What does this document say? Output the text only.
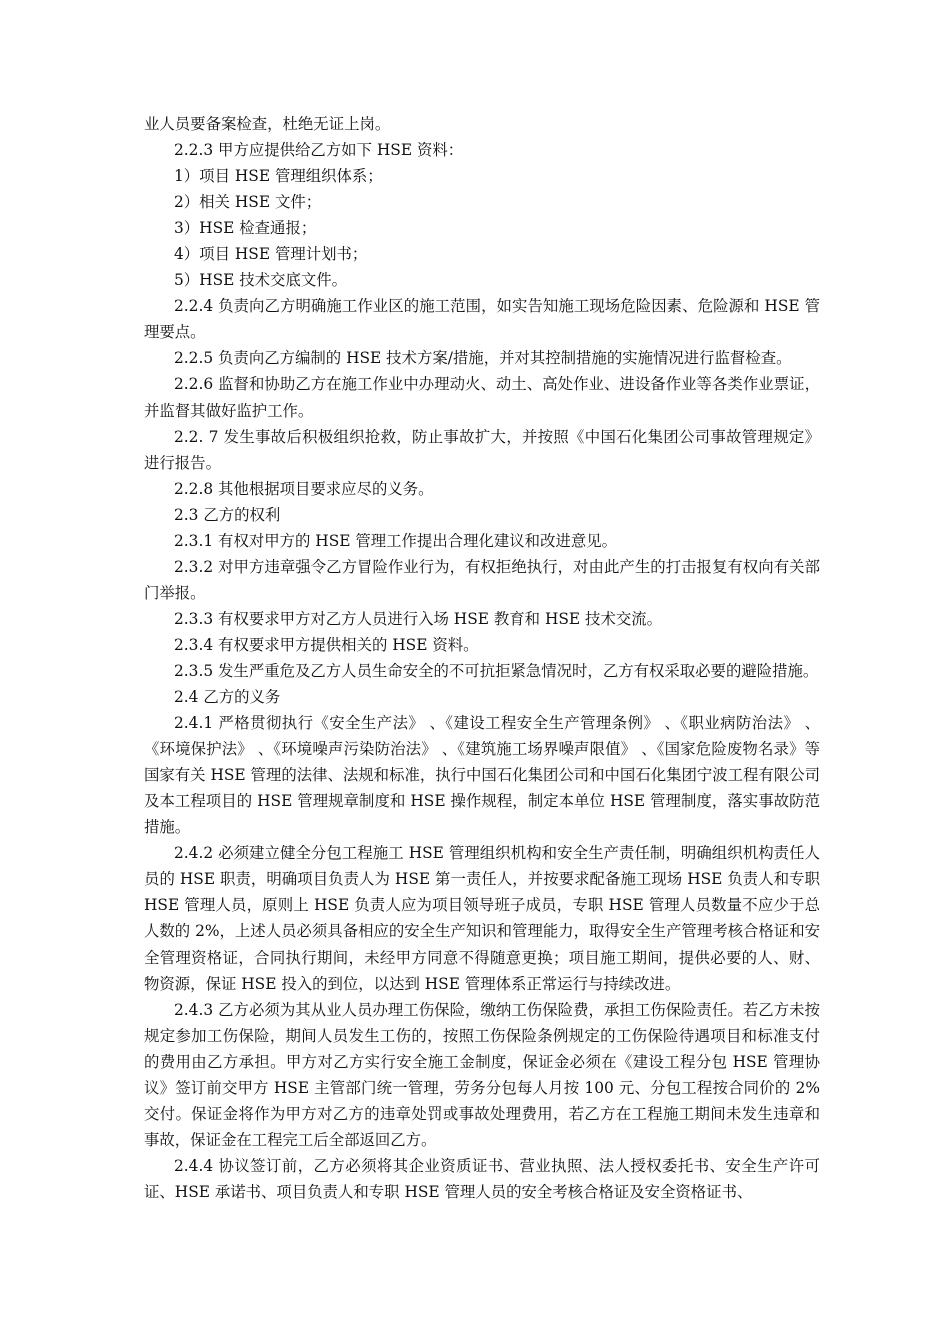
业人员要备案检查，杜绝无证上岗。

2.2.3 甲方应提供给乙方如下 HSE 资料：

1）项目 HSE 管理组织体系；

2）相关 HSE 文件；

3）HSE 检查通报；

4）项目 HSE 管理计划书；

5）HSE 技术交底文件。

2.2.4 负责向乙方明确施工作业区的施工范围，如实告知施工现场危险因素、危险源和 HSE 管理要点。

2.2.5 负责向乙方编制的 HSE 技术方案/措施，并对其控制措施的实施情况进行监督检查。

2.2.6 监督和协助乙方在施工作业中办理动火、动土、高处作业、进设备作业等各类作业票证，并监督其做好监护工作。

2.2. 7 发生事故后积极组织抢救，防止事故扩大，并按照《中国石化集团公司事故管理规定》进行报告。

2.2.8 其他根据项目要求应尽的义务。

2.3 乙方的权利

2.3.1 有权对甲方的 HSE 管理工作提出合理化建议和改进意见。

2.3.2 对甲方违章强令乙方冒险作业行为，有权拒绝执行，对由此产生的打击报复有权向有关部门举报。

2.3.3 有权要求甲方对乙方人员进行入场 HSE 教育和 HSE 技术交流。

2.3.4 有权要求甲方提供相关的 HSE 资料。

2.3.5 发生严重危及乙方人员生命安全的不可抗拒紧急情况时，乙方有权采取必要的避险措施。

2.4 乙方的义务

2.4.1 严格贯彻执行《安全生产法》 、《建设工程安全生产管理条例》 、《职业病防治法》 、《环境保护法》 、《环境噪声污染防治法》 、《建筑施工场界噪声限值》 、《国家危险废物名录》等国家有关 HSE 管理的法律、法规和标准，执行中国石化集团公司和中国石化集团宁波工程有限公司及本工程项目的 HSE 管理规章制度和 HSE 操作规程，制定本单位 HSE 管理制度，落实事故防范措施。

2.4.2 必须建立健全分包工程施工 HSE 管理组织机构和安全生产责任制，明确组织机构责任人员的 HSE 职责，明确项目负责人为 HSE 第一责任人，并按要求配备施工现场 HSE 负责人和专职 HSE 管理人员，原则上 HSE 负责人应为项目领导班子成员，专职 HSE 管理人员数量不应少于总人数的 2%，上述人员必须具备相应的安全生产知识和管理能力，取得安全生产管理考核合格证和安全管理资格证，合同执行期间，未经甲方同意不得随意更换；项目施工期间，提供必要的人、财、物资源，保证 HSE 投入的到位，以达到 HSE 管理体系正常运行与持续改进。

2.4.3 乙方必须为其从业人员办理工伤保险，缴纳工伤保险费，承担工伤保险责任。若乙方未按规定参加工伤保险，期间人员发生工伤的，按照工伤保险条例规定的工伤保险待遇项目和标准支付的费用由乙方承担。甲方对乙方实行安全施工金制度，保证金必须在《建设工程分包 HSE 管理协议》签订前交甲方 HSE 主管部门统一管理，劳务分包每人月按 100 元、分包工程按合同价的 2%交付。保证金将作为甲方对乙方的违章处罚或事故处理费用，若乙方在工程施工期间未发生违章和事故，保证金在工程完工后全部返回乙方。

2.4.4 协议签订前，乙方必须将其企业资质证书、营业执照、法人授权委托书、安全生产许可证、HSE 承诺书、项目负责人和专职 HSE 管理人员的安全考核合格证及安全资格证书、
